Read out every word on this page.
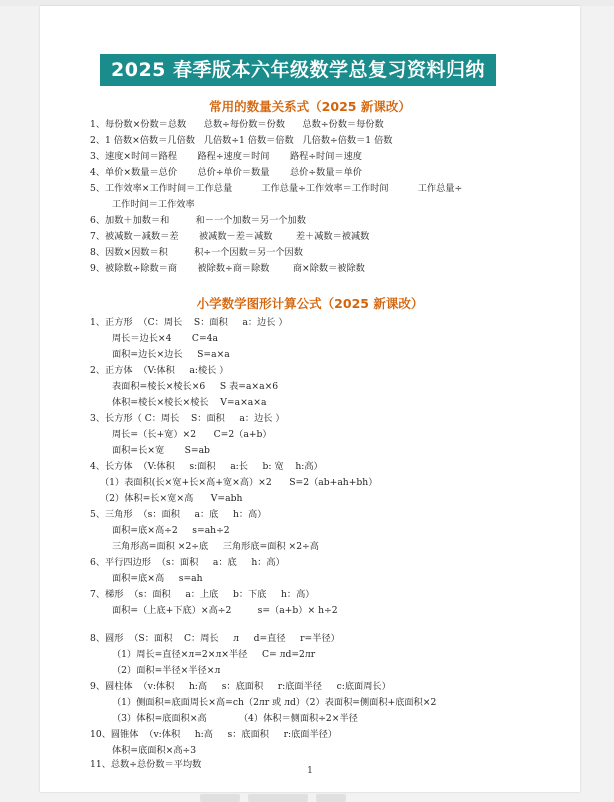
2025 春季版本六年级数学总复习资料归纳
常用的数量关系式（2025 新课改）
1、每份数×份数＝总数      总数÷每份数＝份数      总数÷份数＝每份数
2、1 倍数×倍数＝几倍数   几倍数÷1 倍数＝倍数   几倍数÷倍数＝1 倍数
3、速度×时间＝路程       路程÷速度＝时间       路程÷时间＝速度
4、单价×数量＝总价       总价÷单价＝数量       总价÷数量＝单价
5、工作效率×工作时间＝工作总量          工作总量÷工作效率＝工作时间          工作总量÷
工作时间＝工作效率
6、加数＋加数＝和         和－一个加数＝另一个加数
7、被减数－减数＝差       被减数－差＝减数        差＋减数＝被减数
8、因数×因数＝积         积÷一个因数＝另一个因数
9、被除数÷除数＝商       被除数÷商＝除数        商×除数＝被除数
小学数学图形计算公式（2025 新课改）
1、正方形  （C：周长    S：面积     a：边长 ）
周长＝边长×4       C=4a
面积=边长×边长     S=a×a
2、正方体  （V:体积     a:棱长 ）
表面积=棱长×棱长×6     S 表=a×a×6
体积=棱长×棱长×棱长    V=a×a×a
3、长方形（ C：周长    S：面积     a：边长 ）
周长=（长+宽）×2      C=2（a+b）
面积=长×宽       S=ab
4、长方体  （V:体积     s:面积     a:长     b: 宽    h:高）
（1）表面积(长×宽+长×高+宽×高）×2      S=2（ab+ah+bh）
（2）体积=长×宽×高      V=abh
5、三角形  （s：面积     a：底     h：高）
面积=底×高÷2     s=ah÷2
三角形高=面积 ×2÷底     三角形底=面积 ×2÷高
6、平行四边形  （s：面积     a：底     h：高）
面积=底×高     s=ah
7、梯形  （s：面积     a：上底     b：下底     h：高）
面积=（上底+下底）×高÷2         s=（a+b）× h÷2
8、圆形  （S：面积    C：周长     л     d=直径     r=半径）
（1）周长=直径×л=2×л×半径     C= лd=2лr
（2）面积=半径×半径×л
9、圆柱体  （v:体积     h:高     s：底面积     r:底面半径     c:底面周长）
（1）侧面积=底面周长×高=ch（2лr 或 лd）（2）表面积=侧面积+底面积×2
（3）体积=底面积×高           （4）体积＝侧面积÷2×半径
10、圆锥体  （v:体积     h:高     s：底面积     r:底面半径）
体积=底面积×高÷3
11、总数÷总份数＝平均数
1
